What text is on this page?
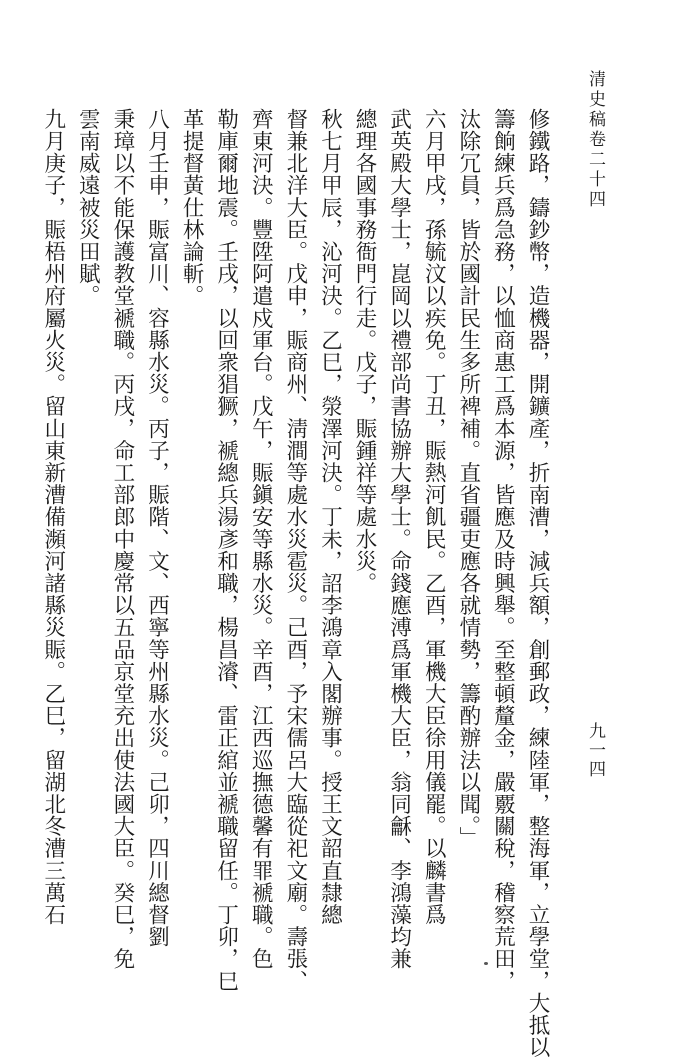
清史稿卷二十四
九一四

修鐵路，鑄鈔幣，造機器，開鑛產，折南漕，減兵額，創郵政，練陸軍，整海軍，立學堂，大抵以

籌餉練兵爲急務，以恤商惠工爲本源，皆應及時興舉。至整頓釐金，嚴覈關稅，稽察荒田，

汰除冗員，皆於國計民生多所裨補。直省疆吏應各就情勢，籌酌辦法以聞。」

六月甲戌，孫毓汶以疾免。丁丑，賑熱河飢民。乙酉，軍機大臣徐用儀罷。以麟書爲

武英殿大學士，崑岡以禮部尚書協辦大學士。命錢應溥爲軍機大臣，翁同龢、李鴻藻均兼

總理各國事務衙門行走。戊子，賑鍾祥等處水災。

秋七月甲辰，沁河決。乙巳，滎澤河決。丁未，詔李鴻章入閣辦事。授王文韶直隸總

督兼北洋大臣。戊申，賑商州、淸澗等處水災雹災。己酉，予宋儒呂大臨從祀文廟。壽張、

齊東河決。豐陞阿遣戍軍台。戊午，賑鎭安等縣水災。辛酉，江西巡撫德馨有罪褫職。色

勒庫爾地震。壬戌，以回衆猖獗，褫總兵湯彥和職，楊昌濬、雷正綰並褫職留任。丁卯，巳

革提督黃仕林論斬。

八月壬申，賑富川、容縣水災。丙子，賑階、文、西寧等州縣水災。己卯，四川總督劉

秉璋以不能保護教堂褫職。丙戌，命工部郎中慶常以五品京堂充出使法國大臣。癸巳，免

雲南威遠被災田賦。

九月庚子，賑梧州府屬火災。留山東新漕備瀕河諸縣災賑。乙巳，留湖北冬漕三萬石
